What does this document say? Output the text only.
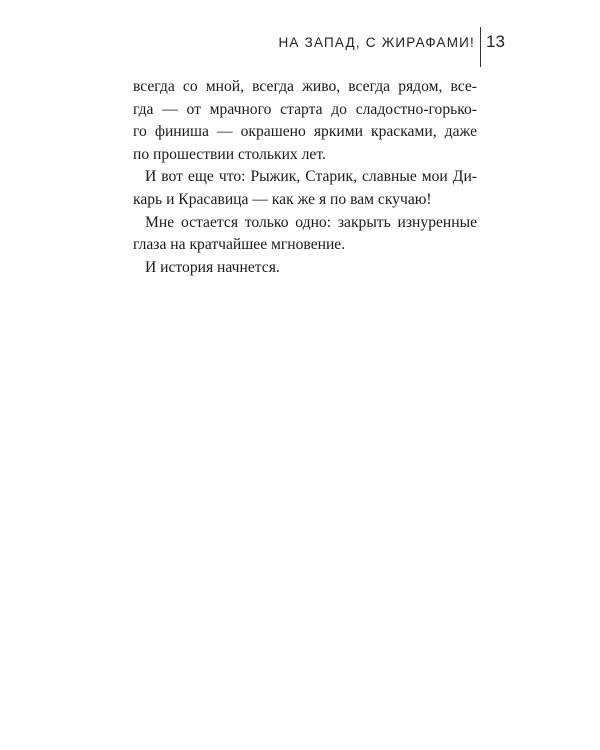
НА ЗАПАД, С ЖИРАФАМИ! 13
всегда со мной, всегда живо, всегда рядом, все-
гда — от мрачного старта до сладостно-горько-
го финиша — окрашено яркими красками, даже
по прошествии стольких лет.
И вот еще что: Рыжик, Старик, славные мои Ди-
карь и Красавица — как же я по вам скучаю!
Мне остается только одно: закрыть изнуренные
глаза на кратчайшее мгновение.
И история начнется.
